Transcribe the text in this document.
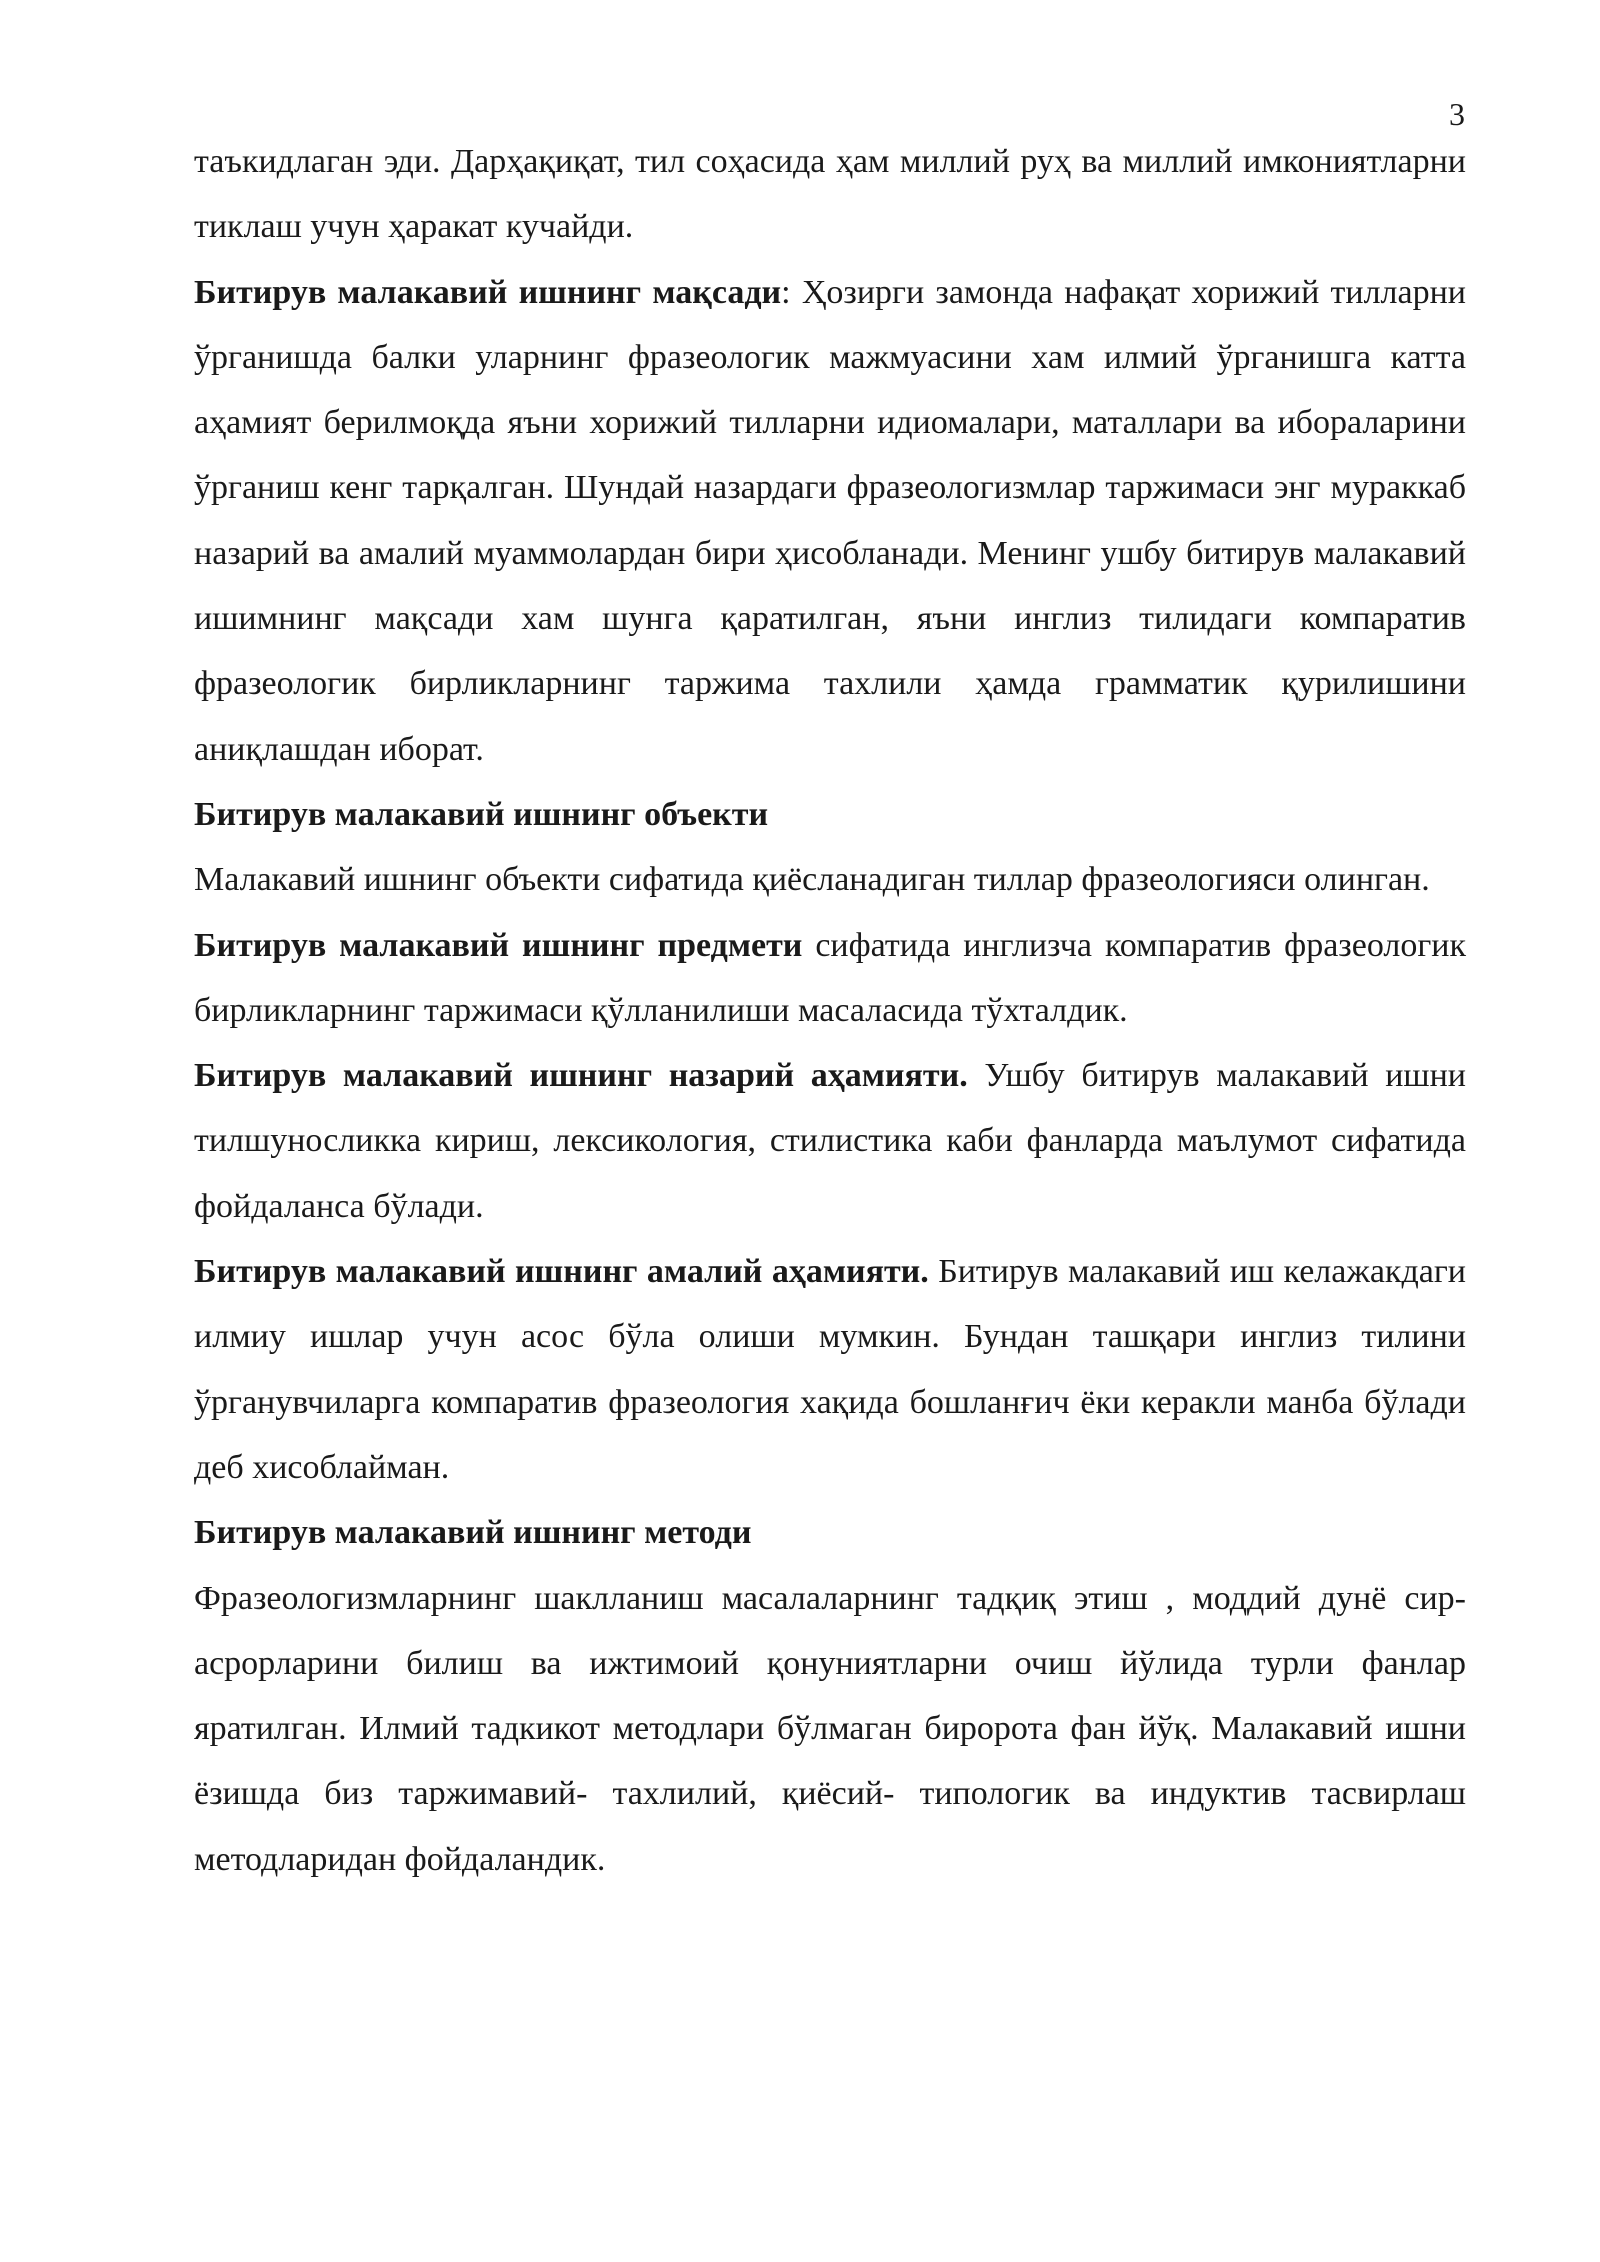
3

таъкидлаган эди. Дарҳақиқат, тил соҳасида ҳам миллий руҳ ва миллий имкониятларни тиклаш учун ҳаракат кучайди.

Битирув малакавий ишнинг мақсади: Ҳозирги замонда нафақат хорижий тилларни ўрганишда балки уларнинг фразеологик мажмуасини хам илмий ўрганишга катта аҳамият берилмоқда яъни хорижий тилларни идиомалари, маталлари ва ибораларини ўрганиш кенг тарқалган. Шундай назардаги фразеологизмлар таржимаси энг мураккаб назарий ва амалий муаммолардан бири ҳисобланади. Менинг ушбу битирув малакавий ишимнинг мақсади хам шунга қаратилган, яъни инглиз тилидаги компаратив фразеологик бирликларнинг таржима тахлили ҳамда грамматик қурилишини аниқлашдан иборат.

Битирув малакавий ишнинг объекти

Малакавий ишнинг объекти сифатида қиёсланадиган тиллар фразеологияси олинган.

Битирув малакавий ишнинг предмети сифатида инглизча компаратив фразеологик бирликларнинг таржимаси қўлланилиши масаласида тўхталдик.

Битирув малакавий ишнинг назарий аҳамияти. Ушбу битирув малакавий ишни тилшуносликка кириш, лексикология, стилистика каби фанларда маълумот сифатида фойдаланса бўлади.

Битирув малакавий ишнинг амалий аҳамияти. Битирув малакавий иш келажакдаги илмиу ишлар учун асос бўла олиши мумкин. Бундан ташқари инглиз тилини ўрганувчиларга компаратив фразеология хақида бошланғич ёки керакли манба бўлади деб хисоблайман.

Битирув малакавий ишнинг методи

Фразеологизмларнинг шаклланиш масалаларнинг тадқиқ этиш , моддий дунё сир- асрорларини билиш ва ижтимоий қонуниятларни очиш йўлида турли фанлар яратилган. Илмий тадкикот методлари бўлмаган биророта фан йўқ. Малакавий ишни ёзишда биз таржимавий- тахлилий, қиёсий- типологик ва индуктив тасвирлаш методларидан фойдаландик.
